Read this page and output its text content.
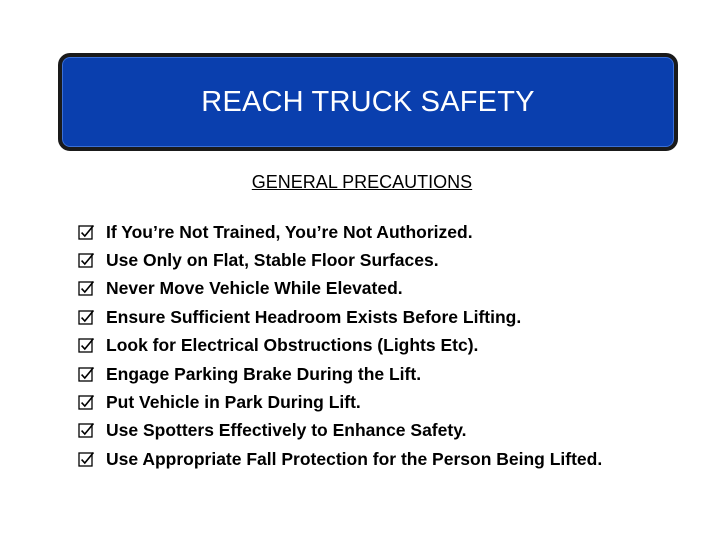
REACH TRUCK SAFETY
GENERAL PRECAUTIONS
If You’re Not Trained, You’re Not Authorized.
Use Only on Flat, Stable Floor Surfaces.
Never Move Vehicle While Elevated.
Ensure Sufficient Headroom Exists Before Lifting.
Look for Electrical Obstructions (Lights Etc).
Engage Parking Brake During the Lift.
Put Vehicle in Park During Lift.
Use Spotters Effectively to Enhance Safety.
Use Appropriate Fall Protection for the Person Being Lifted.
